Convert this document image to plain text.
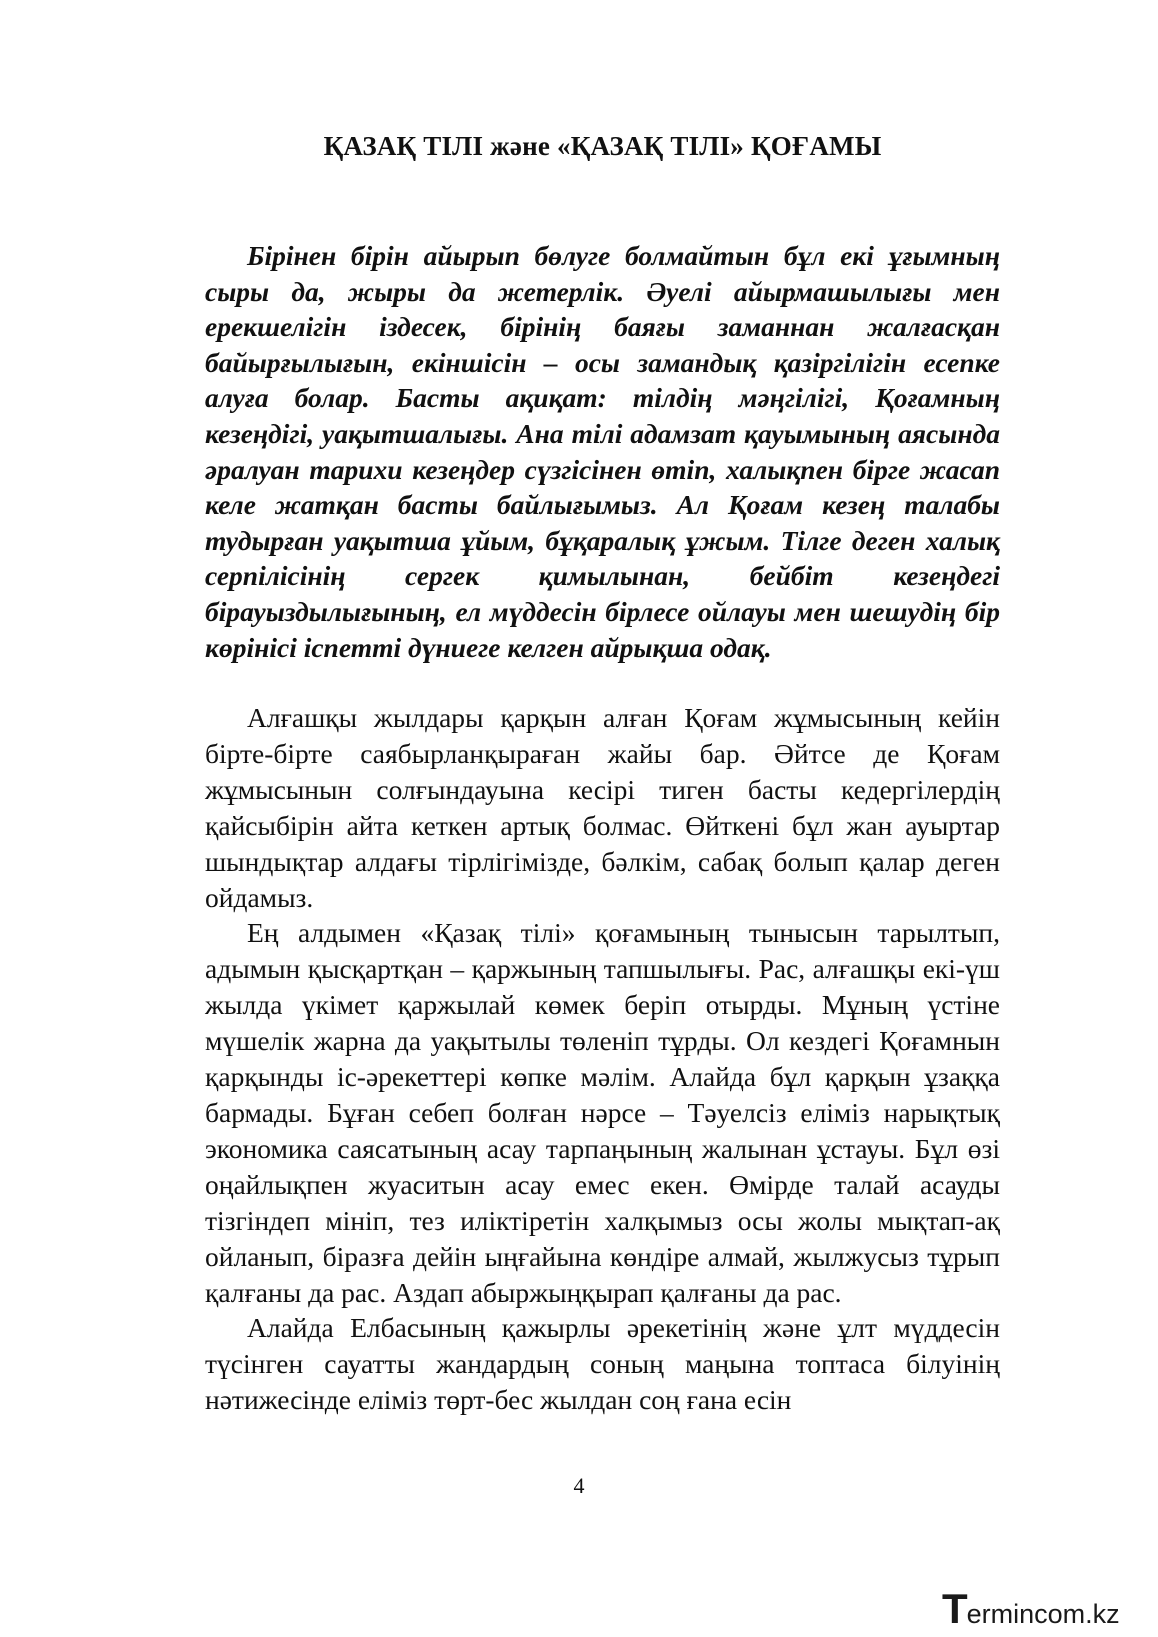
ҚАЗАҚ ТІЛІ және «ҚАЗАҚ ТІЛІ» ҚОҒАМЫ

Бірінен бірін айырып бөлуге болмайтын бұл екі ұғымның сыры да, жыры да жетерлік. Әуелі айырмашылығы мен ерекшелігін іздесек, бірінің баяғы заманнан жалғасқан байырғылығын, екіншісін – осы замандық қазіргілігін есепке алуға болар. Басты ақиқат: тілдің мәңгілігі, Қоғамның кезеңдігі, уақытшалығы. Ана тілі адамзат қауымының аясында әралуан тарихи кезеңдер сүзгісінен өтіп, халықпен бірге жасап келе жатқан басты байлығымыз. Ал Қоғам кезең талабы тудырған уақытша ұйым, бұқаралық ұжым. Тілге деген халық серпілісінің сергек қимылынан, бейбіт кезеңдегі бірауыздылығының, ел мүддесін бірлесе ойлауы мен шешудің бір көрінісі іспетті дүниеге келген айрықша одақ.

Алғашқы жылдары қарқын алған Қоғам жұмысының кейін бірте-бірте саябырланқыраған жайы бар. Әйтсе де Қоғам жұмысынын солғындауына кесірі тиген басты кедергілердің қайсыбірін айта кеткен артық болмас. Өйткені бұл жан ауыртар шындықтар алдағы тірлігімізде, бәлкім, сабақ болып қалар деген ойдамыз.

Ең алдымен «Қазақ тілі» қоғамының тынысын тарылтып, адымын қысқартқан – қаржының тапшылығы. Рас, алғашқы екі-үш жылда үкімет қаржылай көмек беріп отырды. Мұның үстіне мүшелік жарна да уақытылы төленіп тұрды. Ол кездегі Қоғамнын қарқынды іс-әрекеттері көпке мәлім. Алайда бұл қарқын ұзаққа бармады. Бұған себеп болған нәрсе – Тәуелсіз еліміз нарықтық экономика саясатының асау тарпаңының жалынан ұстауы. Бұл өзі оңайлықпен жуаситын асау емес екен. Өмірде талай асауды тізгіндеп мініп, тез иліктіретін халқымыз осы жолы мықтап-ақ ойланып, біразға дейін ыңғайына көндіре алмай, жылжусыз тұрып қалғаны да рас. Аздап абыржыңқырап қалғаны да рас.

Алайда Елбасының қажырлы әрекетінің және ұлт мүддесін түсінген сауатты жандардың соның маңына топтаса білуінің нәтижесінде еліміз төрт-бес жылдан соң ғана есін

4
T ermincоm.kz
